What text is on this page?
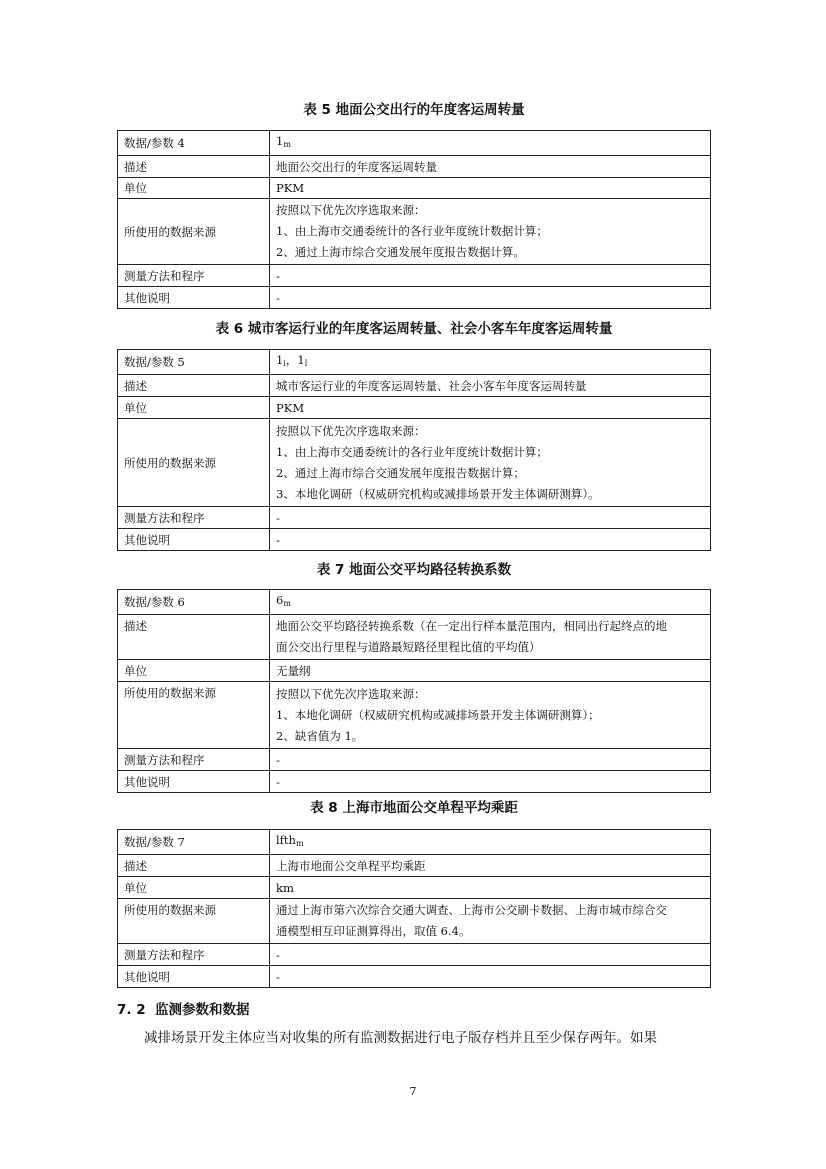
表 5 地面公交出行的年度客运周转量
数据/参数 4	$1_m$
描述	地面公交出行的年度客运周转量
单位	PKM
所使用的数据来源	按照以下优先次序选取来源：
1、由上海市交通委统计的各行业年度统计数据计算；
2、通过上海市综合交通发展年度报告数据计算。

测量方法和程序	-
其他说明	-
表 6 城市客运行业的年度客运周转量、社会小客车年度客运周转量
数据/参数 5	$1_i$，$1_l$
描述	城市客运行业的年度客运周转量、社会小客车年度客运周转量
单位	PKM
所使用的数据来源	按照以下优先次序选取来源：
1、由上海市交通委统计的各行业年度统计数据计算；
2、通过上海市综合交通发展年度报告数据计算；
3、本地化调研（权威研究机构或减排场景开发主体调研测算）。

测量方法和程序	-
其他说明	-
表 7 地面公交平均路径转换系数
数据/参数 6	$6_m$
描述	地面公交平均路径转换系数（在一定出行样本量范围内，相同出行起终点的地
面公交出行里程与道路最短路径里程比值的平均值）

单位	无量纲
所使用的数据来源	按照以下优先次序选取来源：
1、本地化调研（权威研究机构或减排场景开发主体调研测算）；
2、缺省值为 1。

测量方法和程序	-
其他说明	-
表 8 上海市地面公交单程平均乘距
数据/参数 7	lfth$_m$
描述	上海市地面公交单程平均乘距
单位	km
所使用的数据来源	通过上海市第六次综合交通大调查、上海市公交刷卡数据、上海市城市综合交
通模型相互印证测算得出，取值 6.4。

测量方法和程序	-
其他说明	-
7. 2 监测参数和数据
减排场景开发主体应当对收集的所有监测数据进行电子版存档并且至少保存两年。如果
7
